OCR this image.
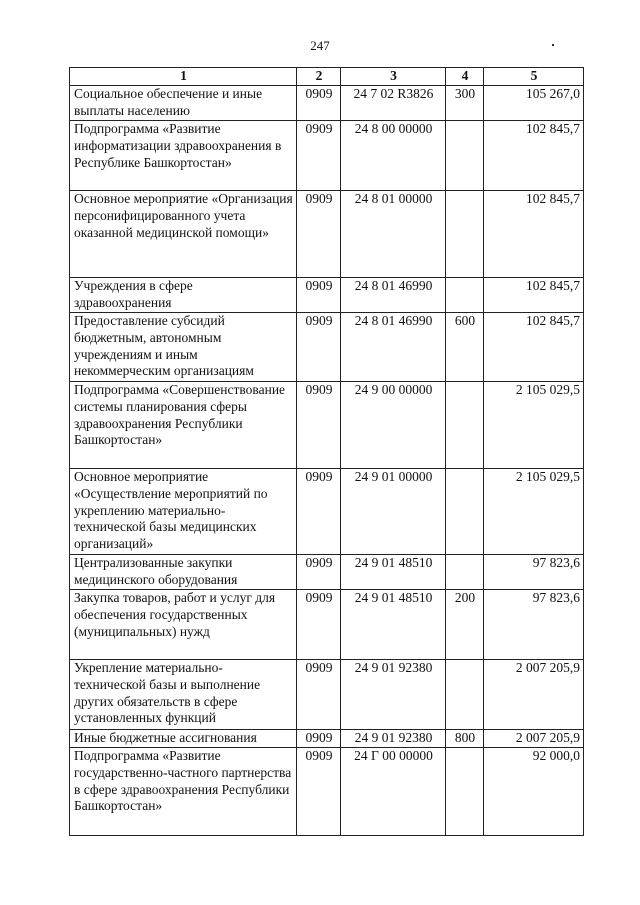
247
1	2	3	4	5
Социальное обеспечение и иные выплаты населению	0909	24 7 02 R3826	300	105 267,0
Подпрограмма «Развитие информатизации здравоохранения в Республике Башкортостан»	0909	24 8 00 00000		102 845,7
Основное мероприятие «Организация персонифицированного учета оказанной медицинской помощи»	0909	24 8 01 00000		102 845,7
Учреждения в сфере здравоохранения	0909	24 8 01 46990		102 845,7
Предоставление субсидий бюджетным, автономным учреждениям и иным некоммерческим организациям	0909	24 8 01 46990	600	102 845,7
Подпрограмма «Совершенствование системы планирования сферы здравоохранения Республики Башкортостан»	0909	24 9 00 00000		2 105 029,5
Основное мероприятие «Осуществление мероприятий по укреплению материально-технической базы медицинских организаций»	0909	24 9 01 00000		2 105 029,5
Централизованные закупки медицинского оборудования	0909	24 9 01 48510		97 823,6
Закупка товаров, работ и услуг для обеспечения государственных (муниципальных) нужд	0909	24 9 01 48510	200	97 823,6
Укрепление материально-технической базы и выполнение других обязательств в сфере установленных функций	0909	24 9 01 92380		2 007 205,9
Иные бюджетные ассигнования	0909	24 9 01 92380	800	2 007 205,9
Подпрограмма «Развитие государственно-частного партнерства в сфере здравоохранения Республики Башкортостан»	0909	24 Г 00 00000		92 000,0
